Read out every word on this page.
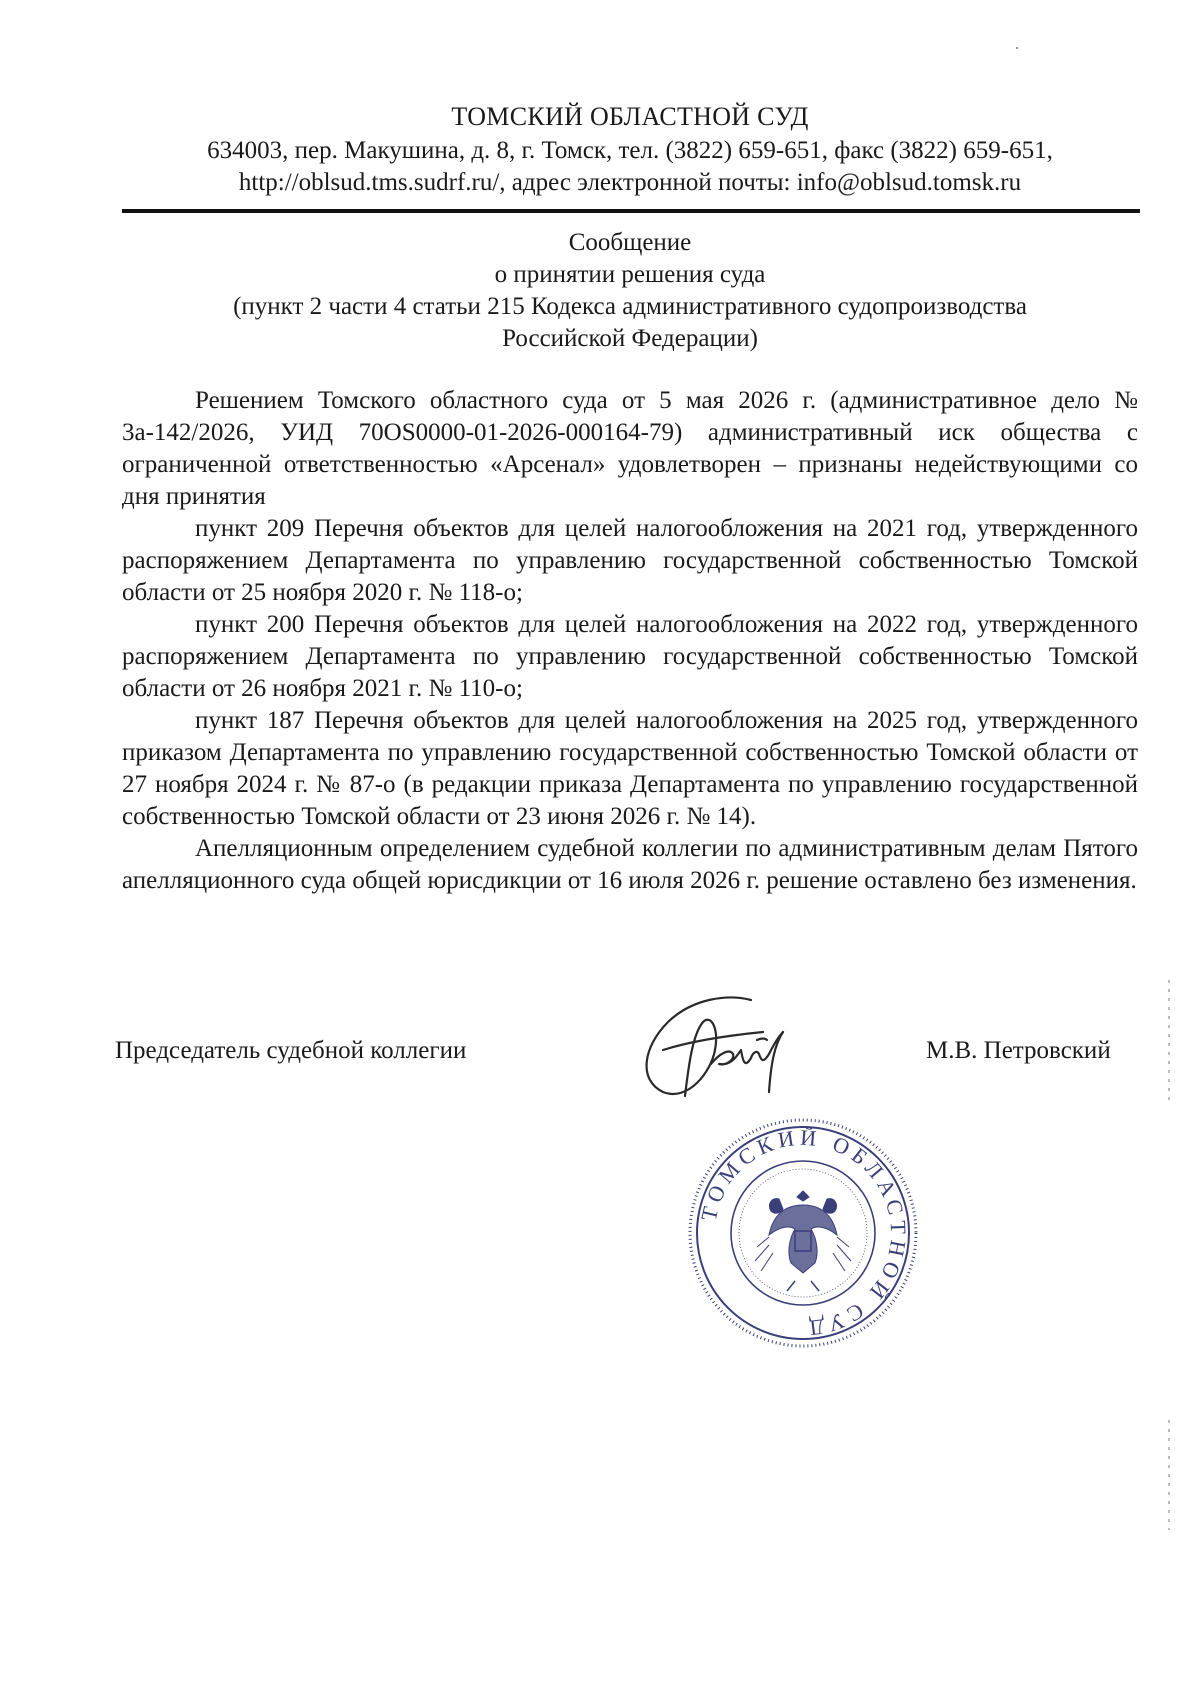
ТОМСКИЙ ОБЛАСТНОЙ СУД
634003, пер. Макушина, д. 8, г. Томск, тел. (3822) 659-651, факс (3822) 659-651,
http://oblsud.tms.sudrf.ru/, адрес электронной почты: info@oblsud.tomsk.ru
Сообщение
о принятии решения суда
(пункт 2 части 4 статьи 215 Кодекса административного судопроизводства
Российской Федерации)

Решением Томского областного суда от 5 мая 2026 г. (административное дело № 3а-142/2026, УИД 70OS0000-01-2026-000164-79) административный иск общества с ограниченной ответственностью «Арсенал» удовлетворен – признаны недействующими со дня принятия

пункт 209 Перечня объектов для целей налогообложения на 2021 год, утвержденного распоряжением Департамента по управлению государственной собственностью Томской области от 25 ноября 2020 г. № 118-о;

пункт 200 Перечня объектов для целей налогообложения на 2022 год, утвержденного распоряжением Департамента по управлению государственной собственностью Томской области от 26 ноября 2021 г. № 110-о;

пункт 187 Перечня объектов для целей налогообложения на 2025 год, утвержденного приказом Департамента по управлению государственной собственностью Томской области от 27 ноября 2024 г. № 87-о (в редакции приказа Департамента по управлению государственной собственностью Томской области от 23 июня 2026 г. № 14).

Апелляционным определением судебной коллегии по административным делам Пятого апелляционного суда общей юрисдикции от 16 июля 2026 г. решение оставлено без изменения.

Председатель судебной коллегии	М.В. Петровский
ТОМСКИЙ ОБЛАСТНОЙ СУД
